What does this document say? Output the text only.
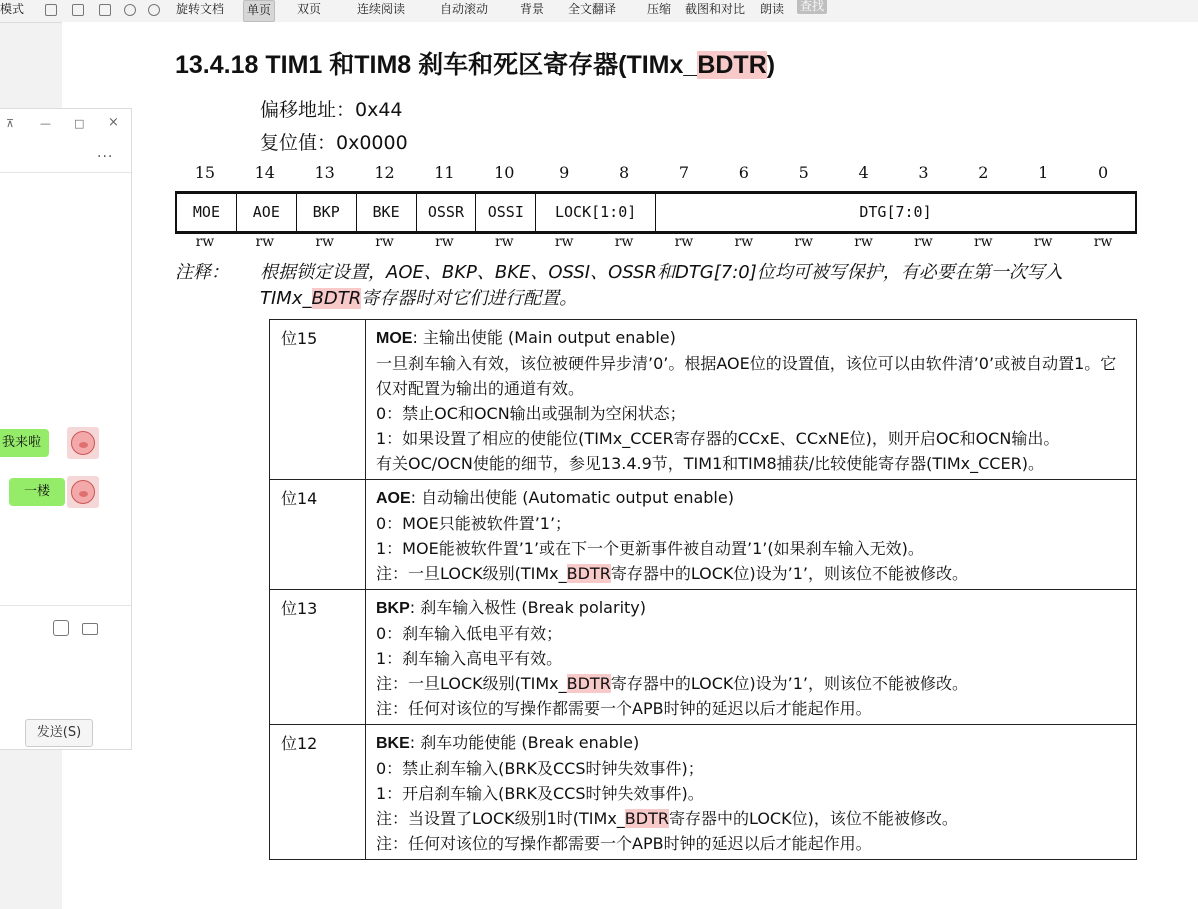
模式	旋转文档	单页	双页	连续阅读	自动滚动	背景 全文翻译	压缩 截图和对比 朗读 查找
13.4.18 TIM1 和TIM8 刹车和死区寄存器(TIMx_BDTR)
偏移地址：0x44
复位值：0x0000
15	14	13	12	11	10	9	8	7	6	5	4	3	2	1	0
MOE	AOE	BKP	BKE	OSSR	OSSI	LOCK[1:0]	DTG[7:0]
rw	rw	rw	rw	rw	rw	rw	rw	rw	rw	rw	rw	rw	rw	rw	rw
注释： 根据锁定设置，AOE、BKP、BKE、OSSI、OSSR和DTG[7:0]位均可被写保护，有必要在第一次写入TIMx_BDTR寄存器时对它们进行配置。
位15	MOE: 主输出使能 (Main output enable)
一旦刹车输入有效，该位被硬件异步清’0’。根据AOE位的设置值，该位可以由软件清’0’或被自动置1。它仅对配置为输出的通道有效。
0：禁止OC和OCN输出或强制为空闲状态；
1：如果设置了相应的使能位(TIMx_CCER寄存器的CCxE、CCxNE位)，则开启OC和OCN输出。
有关OC/OCN使能的细节，参见13.4.9节，TIM1和TIM8捕获/比较使能寄存器(TIMx_CCER)。
位14	AOE: 自动输出使能 (Automatic output enable)
0：MOE只能被软件置’1’；
1：MOE能被软件置’1’或在下一个更新事件被自动置’1’(如果刹车输入无效)。
注：一旦LOCK级别(TIMx_BDTR寄存器中的LOCK位)设为’1’，则该位不能被修改。
位13	BKP: 刹车输入极性 (Break polarity)
0：刹车输入低电平有效；
1：刹车输入高电平有效。
注：一旦LOCK级别(TIMx_BDTR寄存器中的LOCK位)设为’1’，则该位不能被修改。
注：任何对该位的写操作都需要一个APB时钟的延迟以后才能起作用。
位12	BKE: 刹车功能使能 (Break enable)
0：禁止刹车输入(BRK及CCS时钟失效事件)；
1：开启刹车输入(BRK及CCS时钟失效事件)。
注：当设置了LOCK级别1时(TIMx_BDTR寄存器中的LOCK位)，该位不能被修改。
注：任何对该位的写操作都需要一个APB时钟的延迟以后才能起作用。
⊼ — □ ×
...
我来啦
一楼
发送(S)
